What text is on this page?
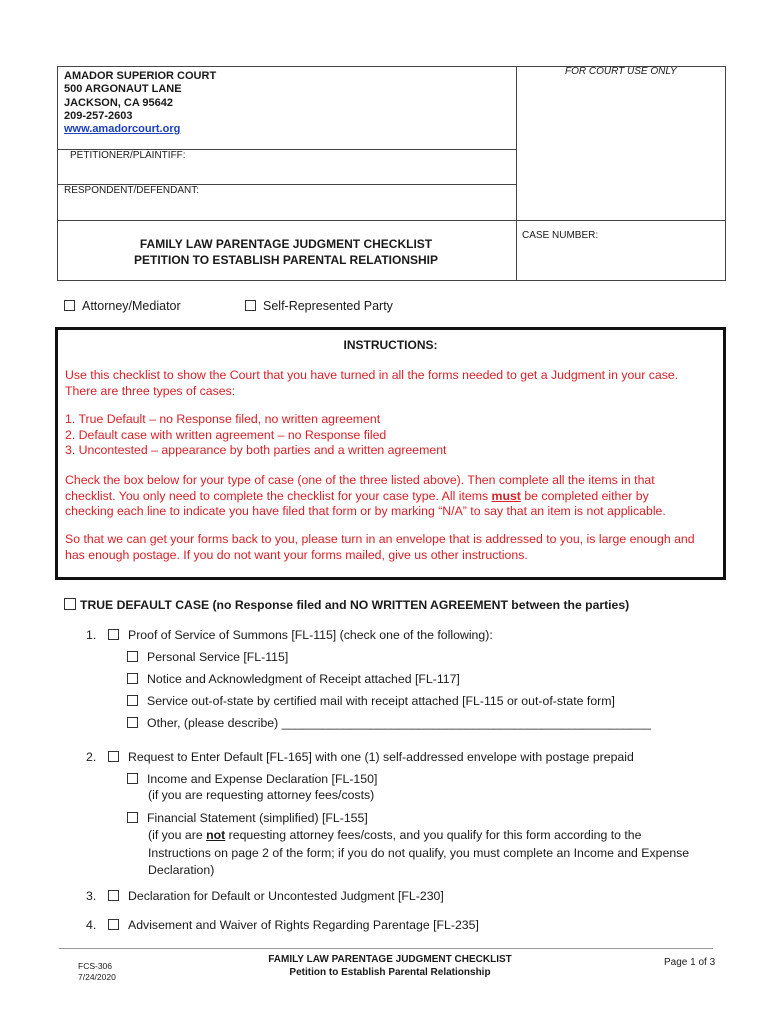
AMADOR SUPERIOR COURT
500 ARGONAUT LANE
JACKSON, CA 95642
209-257-2603
www.amadorcourt.org
PETITIONER/PLAINTIFF:
RESPONDENT/DEFENDANT:
FOR COURT USE ONLY
CASE NUMBER:
FAMILY LAW PARENTAGE JUDGMENT CHECKLIST
PETITION TO ESTABLISH PARENTAL RELATIONSHIP
Attorney/Mediator	Self-Represented Party
INSTRUCTIONS:
Use this checklist to show the Court that you have turned in all the forms needed to get a Judgment in your case.
There are three types of cases:
1. True Default – no Response filed, no written agreement
2. Default case with written agreement – no Response filed
3. Uncontested – appearance by both parties and a written agreement
Check the box below for your type of case (one of the three listed above). Then complete all the items in that
checklist. You only need to complete the checklist for your case type. All items must be completed either by
checking each line to indicate you have filed that form or by marking “N/A” to say that an item is not applicable.
So that we can get your forms back to you, please turn in an envelope that is addressed to you, is large enough and
has enough postage. If you do not want your forms mailed, give us other instructions.
TRUE DEFAULT CASE (no Response filed and NO WRITTEN AGREEMENT between the parties)
1.	Proof of Service of Summons [FL-115] (check one of the following):
Personal Service [FL-115]
Notice and Acknowledgment of Receipt attached [FL-117]
Service out-of-state by certified mail with receipt attached [FL-115 or out-of-state form]
Other, (please describe) ______________________________________________________
2.	Request to Enter Default [FL-165] with one (1) self-addressed envelope with postage prepaid
Income and Expense Declaration [FL-150]
(if you are requesting attorney fees/costs)
Financial Statement (simplified) [FL-155]
(if you are not requesting attorney fees/costs, and you qualify for this form according to the
Instructions on page 2 of the form; if you do not qualify, you must complete an Income and Expense
Declaration)
3.	Declaration for Default or Uncontested Judgment [FL-230]
4.	Advisement and Waiver of Rights Regarding Parentage [FL-235]
FCS-306
7/24/2020
FAMILY LAW PARENTAGE JUDGMENT CHECKLIST
Petition to Establish Parental Relationship
Page 1 of 3
